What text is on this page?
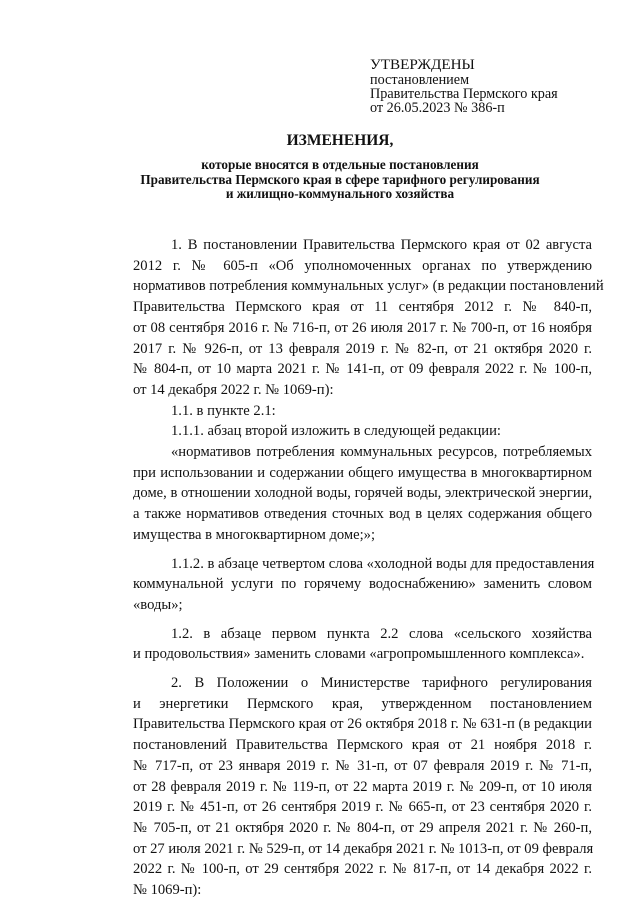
УТВЕРЖДЕНЫ
постановлением
Правительства Пермского края
от 26.05.2023 № 386-п
ИЗМЕНЕНИЯ,
которые вносятся в отдельные постановления
Правительства Пермского края в сфере тарифного регулирования
и жилищно-коммунального хозяйства
1. В постановлении Правительства Пермского края от 02 августа
2012 г. № 605-п «Об уполномоченных органах по утверждению
нормативов потребления коммунальных услуг» (в редакции постановлений
Правительства Пермского края от 11 сентября 2012 г. № 840-п,
от 08 сентября 2016 г. № 716-п, от 26 июля 2017 г. № 700-п, от 16 ноября
2017 г. № 926-п, от 13 февраля 2019 г. № 82-п, от 21 октября 2020 г.
№ 804-п, от 10 марта 2021 г. № 141-п, от 09 февраля 2022 г. № 100-п,
от 14 декабря 2022 г. № 1069-п):
1.1. в пункте 2.1:
1.1.1. абзац второй изложить в следующей редакции:
«нормативов потребления коммунальных ресурсов, потребляемых
при использовании и содержании общего имущества в многоквартирном
доме, в отношении холодной воды, горячей воды, электрической энергии,
а также нормативов отведения сточных вод в целях содержания общего
имущества в многоквартирном доме;»;
1.1.2. в абзаце четвертом слова «холодной воды для предоставления
коммунальной услуги по горячему водоснабжению» заменить словом
«воды»;
1.2. в абзаце первом пункта 2.2 слова «сельского хозяйства
и продовольствия» заменить словами «агропромышленного комплекса».
2. В Положении о Министерстве тарифного регулирования
и энергетики Пермского края, утвержденном постановлением
Правительства Пермского края от 26 октября 2018 г. № 631-п (в редакции
постановлений Правительства Пермского края от 21 ноября 2018 г.
№ 717-п, от 23 января 2019 г. № 31-п, от 07 февраля 2019 г. № 71-п,
от 28 февраля 2019 г. № 119-п, от 22 марта 2019 г. № 209-п, от 10 июля
2019 г. № 451-п, от 26 сентября 2019 г. № 665-п, от 23 сентября 2020 г.
№ 705-п, от 21 октября 2020 г. № 804-п, от 29 апреля 2021 г. № 260-п,
от 27 июля 2021 г. № 529-п, от 14 декабря 2021 г. № 1013-п, от 09 февраля
2022 г. № 100-п, от 29 сентября 2022 г. № 817-п, от 14 декабря 2022 г.
№ 1069-п):
